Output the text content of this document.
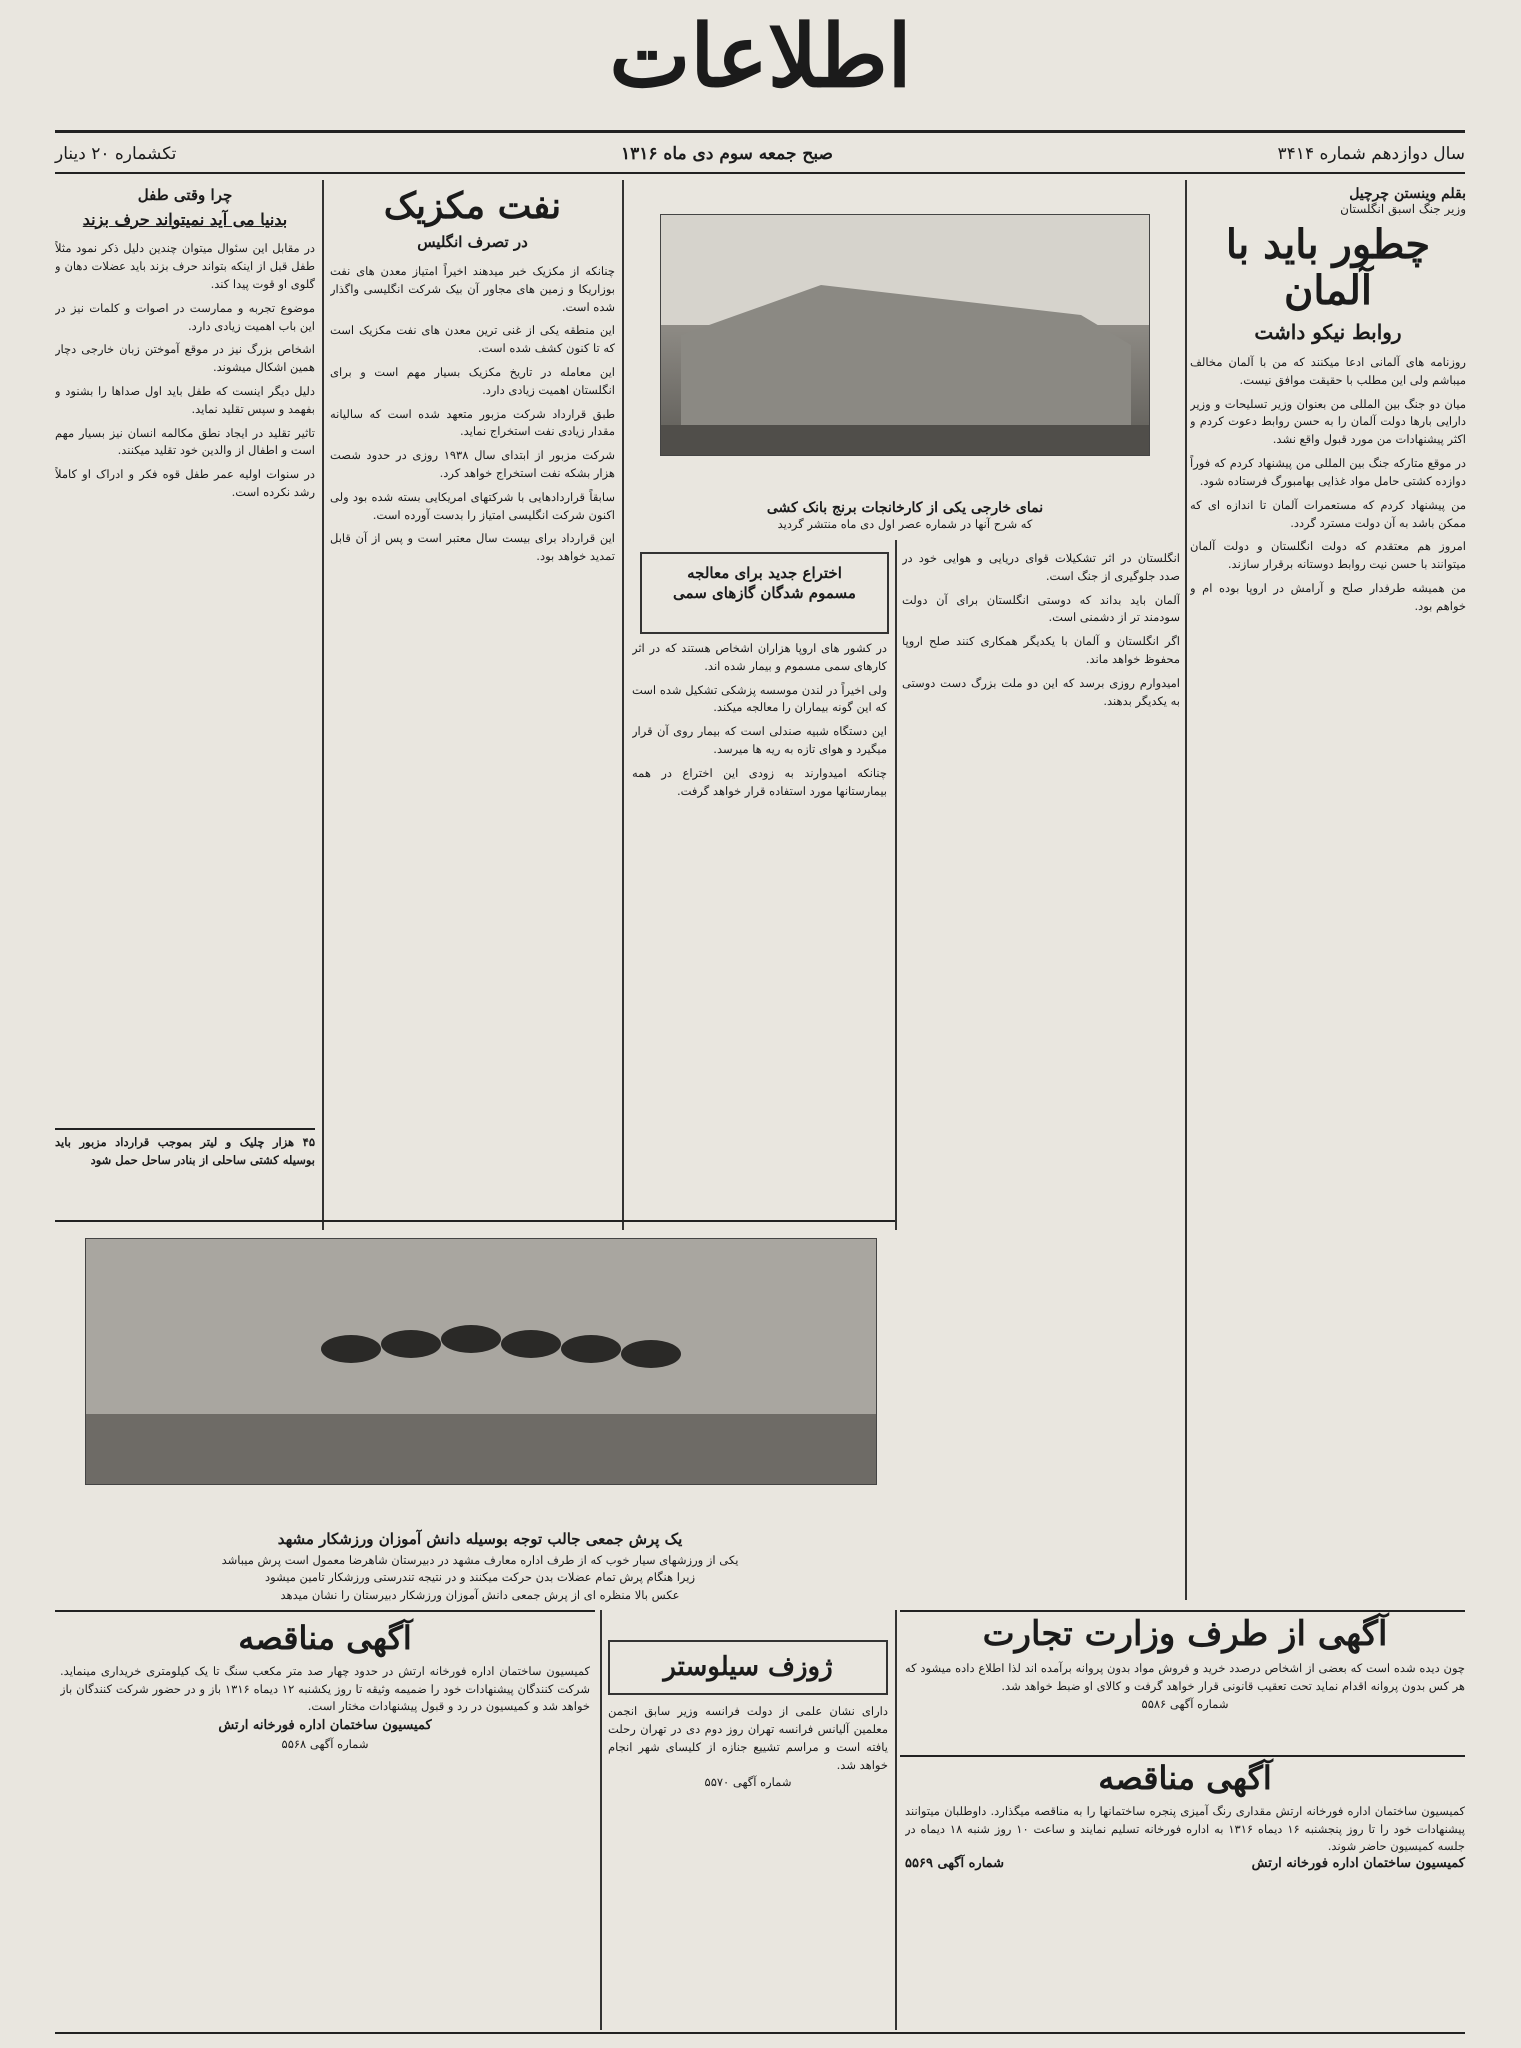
اطلاعات
سال دوازدهم شماره ۳۴۱۴
صبح جمعه سوم دی ماه ۱۳۱۶
تکشماره ۲۰ دینار
بقلم وینستن چرچیل
وزیر جنگ اسبق انگلستان
چطور باید با آلمان
روابط نیکو داشت

روزنامه های آلمانی ادعا میکنند که من با آلمان مخالف میباشم ولی این مطلب با حقیقت موافق نیست.

میان دو جنگ بین المللی من بعنوان وزیر تسلیحات و وزیر دارایی بارها دولت آلمان را به حسن روابط دعوت کردم و اکثر پیشنهادات من مورد قبول واقع نشد.

در موقع متارکه جنگ بین المللی من پیشنهاد کردم که فوراً دوازده کشتی حامل مواد غذایی بهامبورگ فرستاده شود.

من پیشنهاد کردم که مستعمرات آلمان تا اندازه ای که ممکن باشد به آن دولت مسترد گردد.

امروز هم معتقدم که دولت انگلستان و دولت آلمان میتوانند با حسن نیت روابط دوستانه برقرار سازند.

من همیشه طرفدار صلح و آرامش در اروپا بوده ام و خواهم بود.

نمای خارجی یکی از کارخانجات برنج بانک کشی
که شرح آنها در شماره عصر اول دی ماه منتشر گردید
اختراع جدید برای معالجه
مسموم شدگان گازهای سمی

در کشور های اروپا هزاران اشخاص هستند که در اثر کارهای سمی مسموم و بیمار شده اند.

ولی اخیراً در لندن موسسه پزشکی تشکیل شده است که این گونه بیماران را معالجه میکند.

این دستگاه شبیه صندلی است که بیمار روی آن قرار میگیرد و هوای تازه به ریه ها میرسد.

چنانکه امیدوارند به زودی این اختراع در همه بیمارستانها مورد استفاده قرار خواهد گرفت.

انگلستان در اثر تشکیلات قوای دریایی و هوایی خود در صدد جلوگیری از جنگ است.

آلمان باید بداند که دوستی انگلستان برای آن دولت سودمند تر از دشمنی است.

اگر انگلستان و آلمان با یکدیگر همکاری کنند صلح اروپا محفوظ خواهد ماند.

امیدوارم روزی برسد که این دو ملت بزرگ دست دوستی به یکدیگر بدهند.

نفت مکزیک
در تصرف انگلیس

چنانکه از مکزیک خبر میدهند اخیراً امتیاز معدن های نفت بوزاریکا و زمین های مجاور آن بیک شرکت انگلیسی واگذار شده است.

این منطقه یکی از غنی ترین معدن های نفت مکزیک است که تا کنون کشف شده است.

این معامله در تاریخ مکزیک بسیار مهم است و برای انگلستان اهمیت زیادی دارد.

طبق قرارداد شرکت مزبور متعهد شده است که سالیانه مقدار زیادی نفت استخراج نماید.

شرکت مزبور از ابتدای سال ۱۹۳۸ روزی در حدود شصت هزار بشکه نفت استخراج خواهد کرد.

سابقاً قراردادهایی با شرکتهای امریکایی بسته شده بود ولی اکنون شرکت انگلیسی امتیاز را بدست آورده است.

این قرارداد برای بیست سال معتبر است و پس از آن قابل تمدید خواهد بود.

چرا وقتی طفل
بدنیا می آید نمیتواند حرف بزند

در مقابل این سئوال میتوان چندین دلیل ذکر نمود مثلاً طفل قبل از اینکه بتواند حرف بزند باید عضلات دهان و گلوی او قوت پیدا کند.

موضوع تجربه و ممارست در اصوات و کلمات نیز در این باب اهمیت زیادی دارد.

اشخاص بزرگ نیز در موقع آموختن زبان خارجی دچار همین اشکال میشوند.

دلیل دیگر اینست که طفل باید اول صداها را بشنود و بفهمد و سپس تقلید نماید.

تاثیر تقلید در ایجاد نطق مکالمه انسان نیز بسیار مهم است و اطفال از والدین خود تقلید میکنند.

در سنوات اولیه عمر طفل قوه فکر و ادراک او کاملاً رشد نکرده است.

۴۵ هزار چلیک و لیتر بموجب قرارداد مزبور باید بوسیله کشتی ساحلی از بنادر ساحل حمل شود
یک پرش جمعی جالب توجه بوسیله دانش آموزان ورزشکار مشهد
یکی از ورزشهای سیار خوب که از طرف اداره معارف مشهد در دبیرستان شاهرضا معمول است پرش میباشد
زیرا هنگام پرش تمام عضلات بدن حرکت میکنند و در نتیجه تندرستی ورزشکار تامین میشود
عکس بالا منظره ای از پرش جمعی دانش آموزان ورزشکار دبیرستان را نشان میدهد
آگهی از طرف وزارت تجارت
چون دیده شده است که بعضی از اشخاص درصدد خرید و فروش مواد بدون پروانه برآمده اند لذا اطلاع داده میشود که هر کس بدون پروانه اقدام نماید تحت تعقیب قانونی قرار خواهد گرفت و کالای او ضبط خواهد شد.
شماره آگهی ۵۵۸۶
آگهی مناقصه
کمیسیون ساختمان اداره فورخانه ارتش مقداری رنگ آمیزی پنجره ساختمانها را به مناقصه میگذارد. داوطلبان میتوانند پیشنهادات خود را تا روز پنجشنبه ۱۶ دیماه ۱۳۱۶ به اداره فورخانه تسلیم نمایند و ساعت ۱۰ روز شنبه ۱۸ دیماه در جلسه کمیسیون حاضر شوند.
کمیسیون ساختمان اداره فورخانه ارتش
شماره آگهی ۵۵۶۹
ژوزف سیلوستر
دارای نشان علمی از دولت فرانسه وزیر سابق انجمن معلمین آلیانس فرانسه تهران روز دوم دی در تهران رحلت یافته است و مراسم تشییع جنازه از کلیسای شهر انجام خواهد شد.
شماره آگهی ۵۵۷۰
آگهی مناقصه
کمیسیون ساختمان اداره فورخانه ارتش در حدود چهار صد متر مکعب سنگ تا یک کیلومتری خریداری مینماید. شرکت کنندگان پیشنهادات خود را ضمیمه وثیقه تا روز یکشنبه ۱۲ دیماه ۱۳۱۶ باز و در حضور شرکت کنندگان باز خواهد شد و کمیسیون در رد و قبول پیشنهادات مختار است.
کمیسیون ساختمان اداره فورخانه ارتش
شماره آگهی ۵۵۶۸
